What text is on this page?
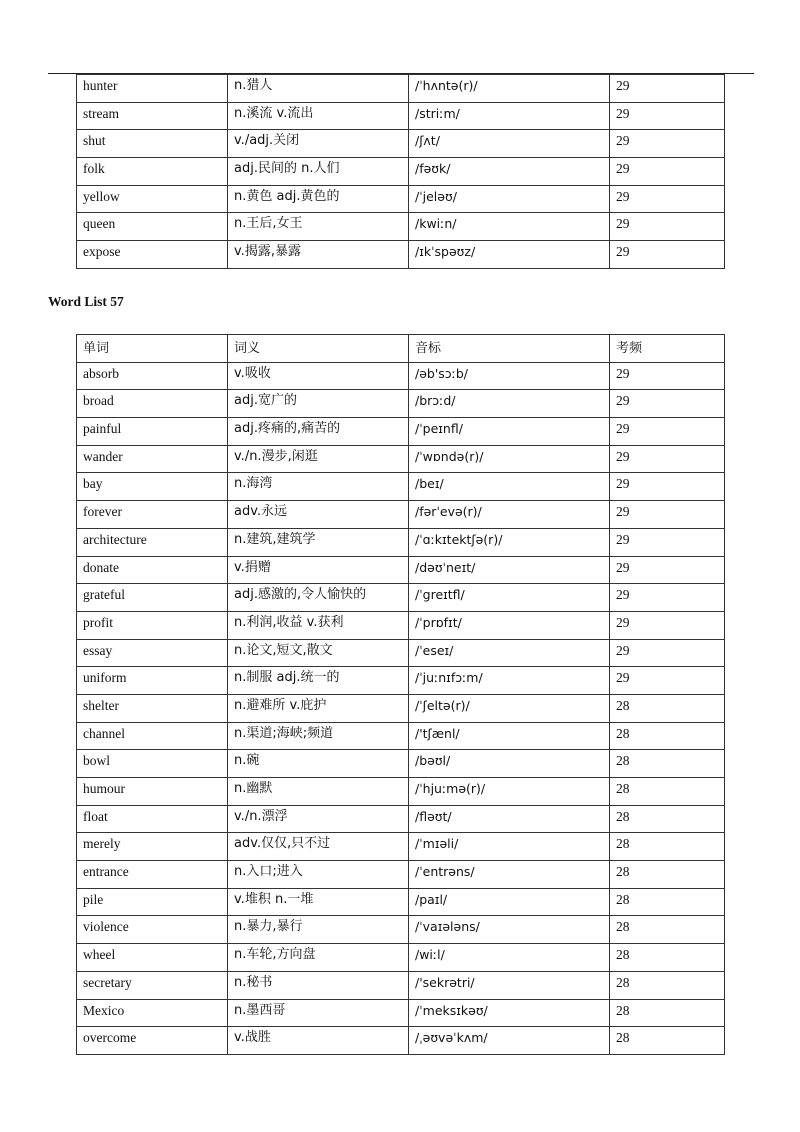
hunter	n.猎人	/ˈhʌntə(r)/	29
stream	n.溪流 v.流出	/striːm/	29
shut	v./adj.关闭	/ʃʌt/	29
folk	adj.民间的 n.人们	/fəʊk/	29
yellow	n.黄色 adj.黄色的	/ˈjeləʊ/	29
queen	n.王后,女王	/kwiːn/	29
expose	v.揭露,暴露	/ɪkˈspəʊz/	29
Word List 57
单词	词义	音标	考频
absorb	v.吸收	/əb'sɔːb/	29
broad	adj.宽广的	/brɔːd/	29
painful	adj.疼痛的,痛苦的	/ˈpeɪnfl/	29
wander	v./n.漫步,闲逛	/ˈwɒndə(r)/	29
bay	n.海湾	/beɪ/	29
forever	adv.永远	/fərˈevə(r)/	29
architecture	n.建筑,建筑学	/ˈɑːkɪtektʃə(r)/	29
donate	v.捐赠	/dəʊˈneɪt/	29
grateful	adj.感激的,令人愉快的	/ˈgreɪtfl/	29
profit	n.利润,收益 v.获利	/ˈprɒfɪt/	29
essay	n.论文,短文,散文	/ˈeseɪ/	29
uniform	n.制服 adj.统一的	/ˈjuːnɪfɔːm/	29
shelter	n.避难所 v.庇护	/ˈʃeltə(r)/	28
channel	n.渠道;海峡;频道	/'tʃænl/	28
bowl	n.碗	/bəʊl/	28
humour	n.幽默	/ˈhjuːmə(r)/	28
float	v./n.漂浮	/fləʊt/	28
merely	adv.仅仅,只不过	/ˈmɪəli/	28
entrance	n.入口;进入	/ˈentrəns/	28
pile	v.堆积 n.一堆	/paɪl/	28
violence	n.暴力,暴行	/ˈvaɪələns/	28
wheel	n.车轮,方向盘	/wiːl/	28
secretary	n.秘书	/'sekrətri/	28
Mexico	n.墨西哥	/ˈmeksɪkəʊ/	28
overcome	v.战胜	/ˌəʊvəˈkʌm/	28
